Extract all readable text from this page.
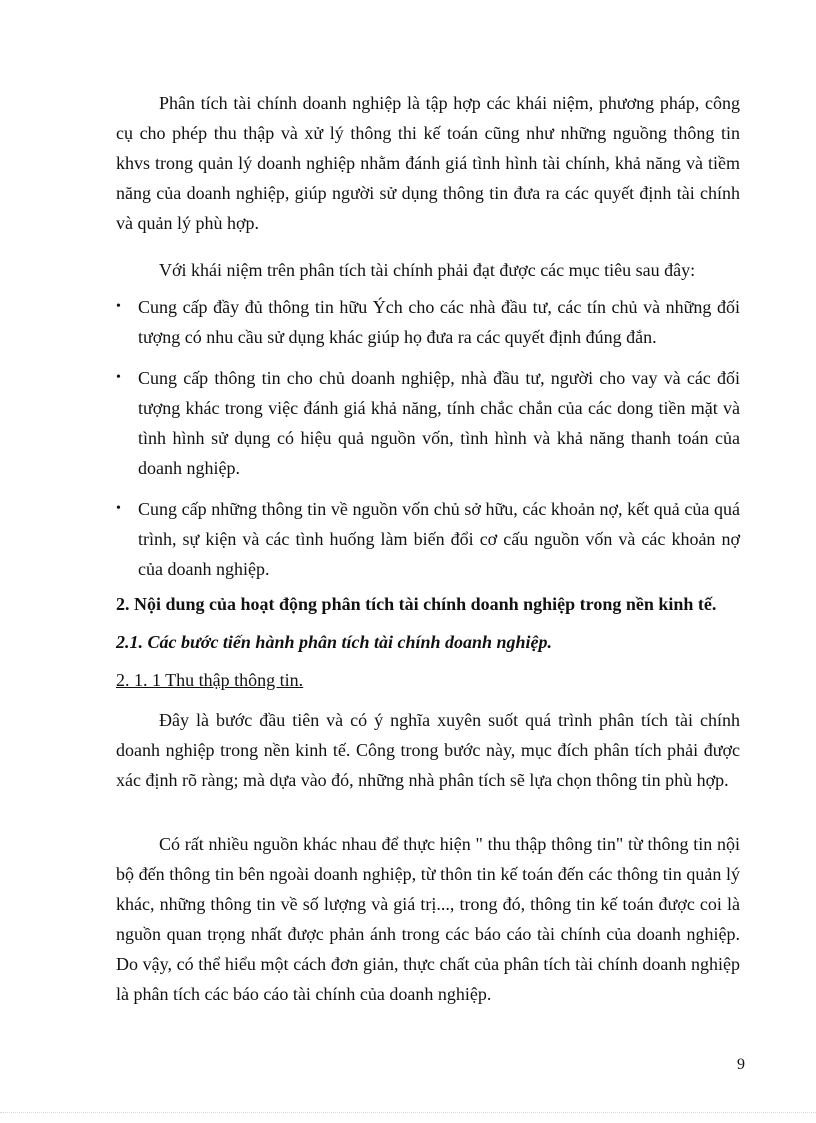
Phân tích tài chính doanh nghiệp là tập hợp các khái niệm, phương pháp, công cụ cho phép thu thập và xử lý thông thi kế toán cũng như những nguồng thông tin khvs trong quản lý doanh nghiệp nhằm đánh giá tình hình tài chính, khả năng và tiềm năng của doanh nghiệp, giúp người sử dụng thông tin đưa ra các quyết định tài chính và quản lý phù hợp.
Với khái niệm trên phân tích tài chính phải đạt được các mục tiêu sau đây:
• Cung cấp đầy đủ thông tin hữu Ých cho các nhà đầu tư, các tín chủ và những đối tượng có nhu cầu sử dụng khác giúp họ đưa ra các quyết định đúng đắn.
• Cung cấp thông tin cho chủ doanh nghiệp, nhà đầu tư, người cho vay và các đối tượng khác trong việc đánh giá khả năng, tính chắc chắn của các dong tiền mặt và tình hình sử dụng có hiệu quả nguồn vốn, tình hình và khả năng thanh toán của doanh nghiệp.
• Cung cấp những thông tin về nguồn vốn chủ sở hữu, các khoản nợ, kết quả của quá trình, sự kiện và các tình huống làm biến đổi cơ cấu nguồn vốn và các khoản nợ của doanh nghiệp.
2. Nội dung của hoạt động phân tích tài chính doanh nghiệp trong nền kinh tế.
2.1. Các bước tiến hành phân tích tài chính doanh nghiệp.
2. 1. 1 Thu thập thông tin.
Đây là bước đầu tiên và có ý nghĩa xuyên suốt quá trình phân tích tài chính doanh nghiệp trong nền kinh tế. Công trong bước này, mục đích phân tích phải được xác định rõ ràng; mà dựa vào đó, những nhà phân tích sẽ lựa chọn thông tin phù hợp.
Có rất nhiều nguồn khác nhau để thực hiện " thu thập thông tin" từ thông tin nội bộ đến thông tin bên ngoài doanh nghiệp, từ thôn tin kế toán đến các thông tin quản lý khác, những thông tin về số lượng và giá trị..., trong đó, thông tin kế toán được coi là nguồn quan trọng nhất được phản ánh trong các báo cáo tài chính của doanh nghiệp. Do vậy, có thể hiểu một cách đơn giản, thực chất của phân tích tài chính doanh nghiệp là phân tích các báo cáo tài chính của doanh nghiệp.
9
